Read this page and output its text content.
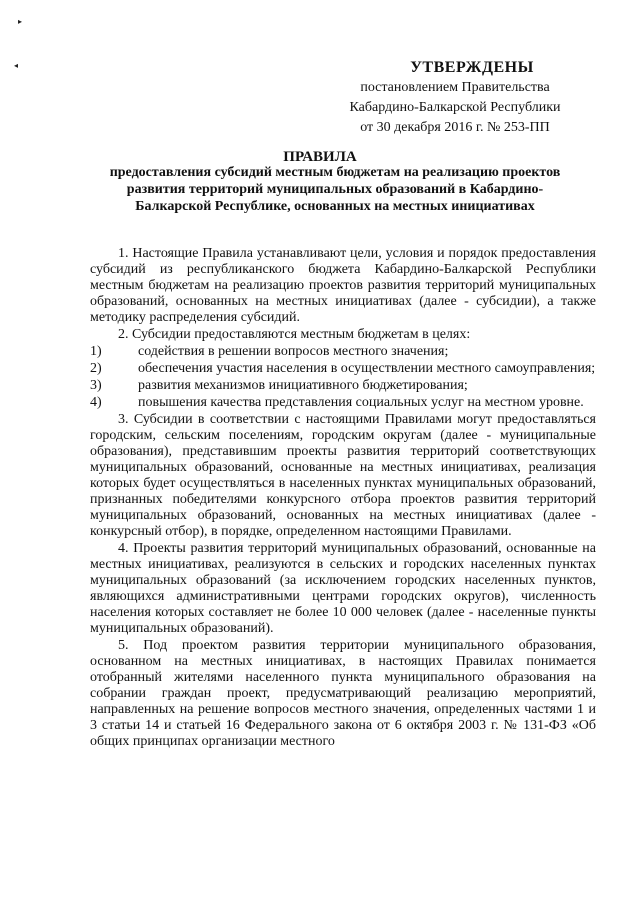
▸
◂	УТВЕРЖДЕНЫ
постановлением Правительства
Кабардино-Балкарской Республики
от 30 декабря 2016 г. № 253-ПП
ПРАВИЛА
предоставления субсидий местным бюджетам на реализацию проектов развития территорий муниципальных образований в Кабардино-Балкарской Республике, основанных на местных инициативах

1. Настоящие Правила устанавливают цели, условия и порядок предоставления субсидий из республиканского бюджета Кабардино-Балкарской Республики местным бюджетам на реализацию проектов развития территорий муниципальных образований, основанных на местных инициативах (далее - субсидии), а также методику распределения субсидий.

2. Субсидии предоставляются местным бюджетам в целях:

1)	содействия в решении вопросов местного значения;
2)	обеспечения участия населения в осуществлении местного самоуправления;
3)	развития механизмов инициативного бюджетирования;
4)	повышения качества представления социальных услуг на местном уровне.

3. Субсидии в соответствии с настоящими Правилами могут предоставляться городским, сельским поселениям, городским округам (далее - муниципальные образования), представившим проекты развития территорий соответствующих муниципальных образований, основанные на местных инициативах, реализация которых будет осуществляться в населенных пунктах муниципальных образований, признанных победителями конкурсного отбора проектов развития территорий муниципальных образований, основанных на местных инициативах (далее - конкурсный отбор), в порядке, определенном настоящими Правилами.

4. Проекты развития территорий муниципальных образований, основанные на местных инициативах, реализуются в сельских и городских населенных пунктах муниципальных образований (за исключением городских населенных пунктов, являющихся административными центрами городских округов), численность населения которых составляет не более 10 000 человек (далее - населенные пункты муниципальных образований).

5. Под проектом развития территории муниципального образования, основанном на местных инициативах, в настоящих Правилах понимается отобранный жителями населенного пункта муниципального образования на собрании граждан проект, предусматривающий реализацию мероприятий, направленных на решение вопросов местного значения, определенных частями 1 и 3 статьи 14 и статьей 16 Федерального закона от 6 октября 2003 г. № 131-ФЗ «Об общих принципах организации местного
